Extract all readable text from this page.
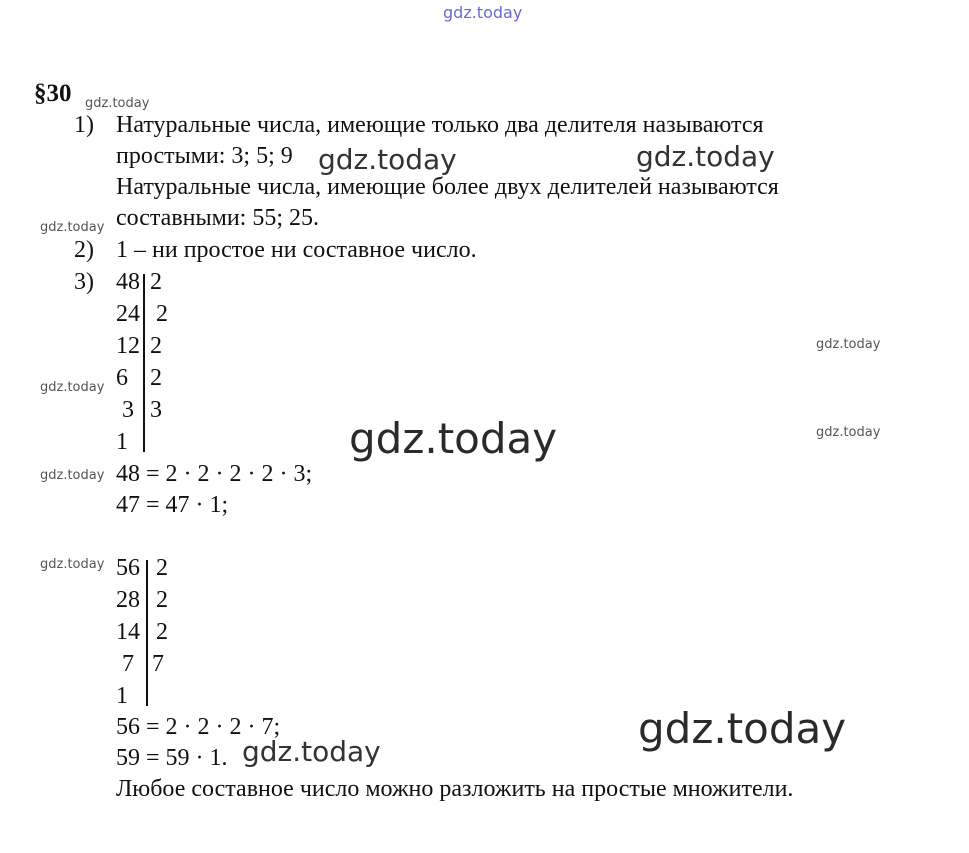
gdz.today
gdz.today
gdz.today
gdz.today
gdz.today
gdz.today
gdz.today
gdz.today
gdz.today	gdz.today
gdz.today
gdz.today
gdz.today
§30
1) Натуральные числа, имеющие только два делителя называются
простыми: 3; 5; 9
Натуральные числа, имеющие более двух делителей называются
составными: 55; 25.
2) 1 – ни простое ни составное число.
3) 48
24
12
6
3
1
2
2
2
2
3
48 = 2 · 2 · 2 · 2 · 3;
47 = 47 · 1;
56
28
14
7
1
2
2
2
7
56 = 2 · 2 · 2 · 7;
59 = 59 · 1.
Любое составное число можно разложить на простые множители.
